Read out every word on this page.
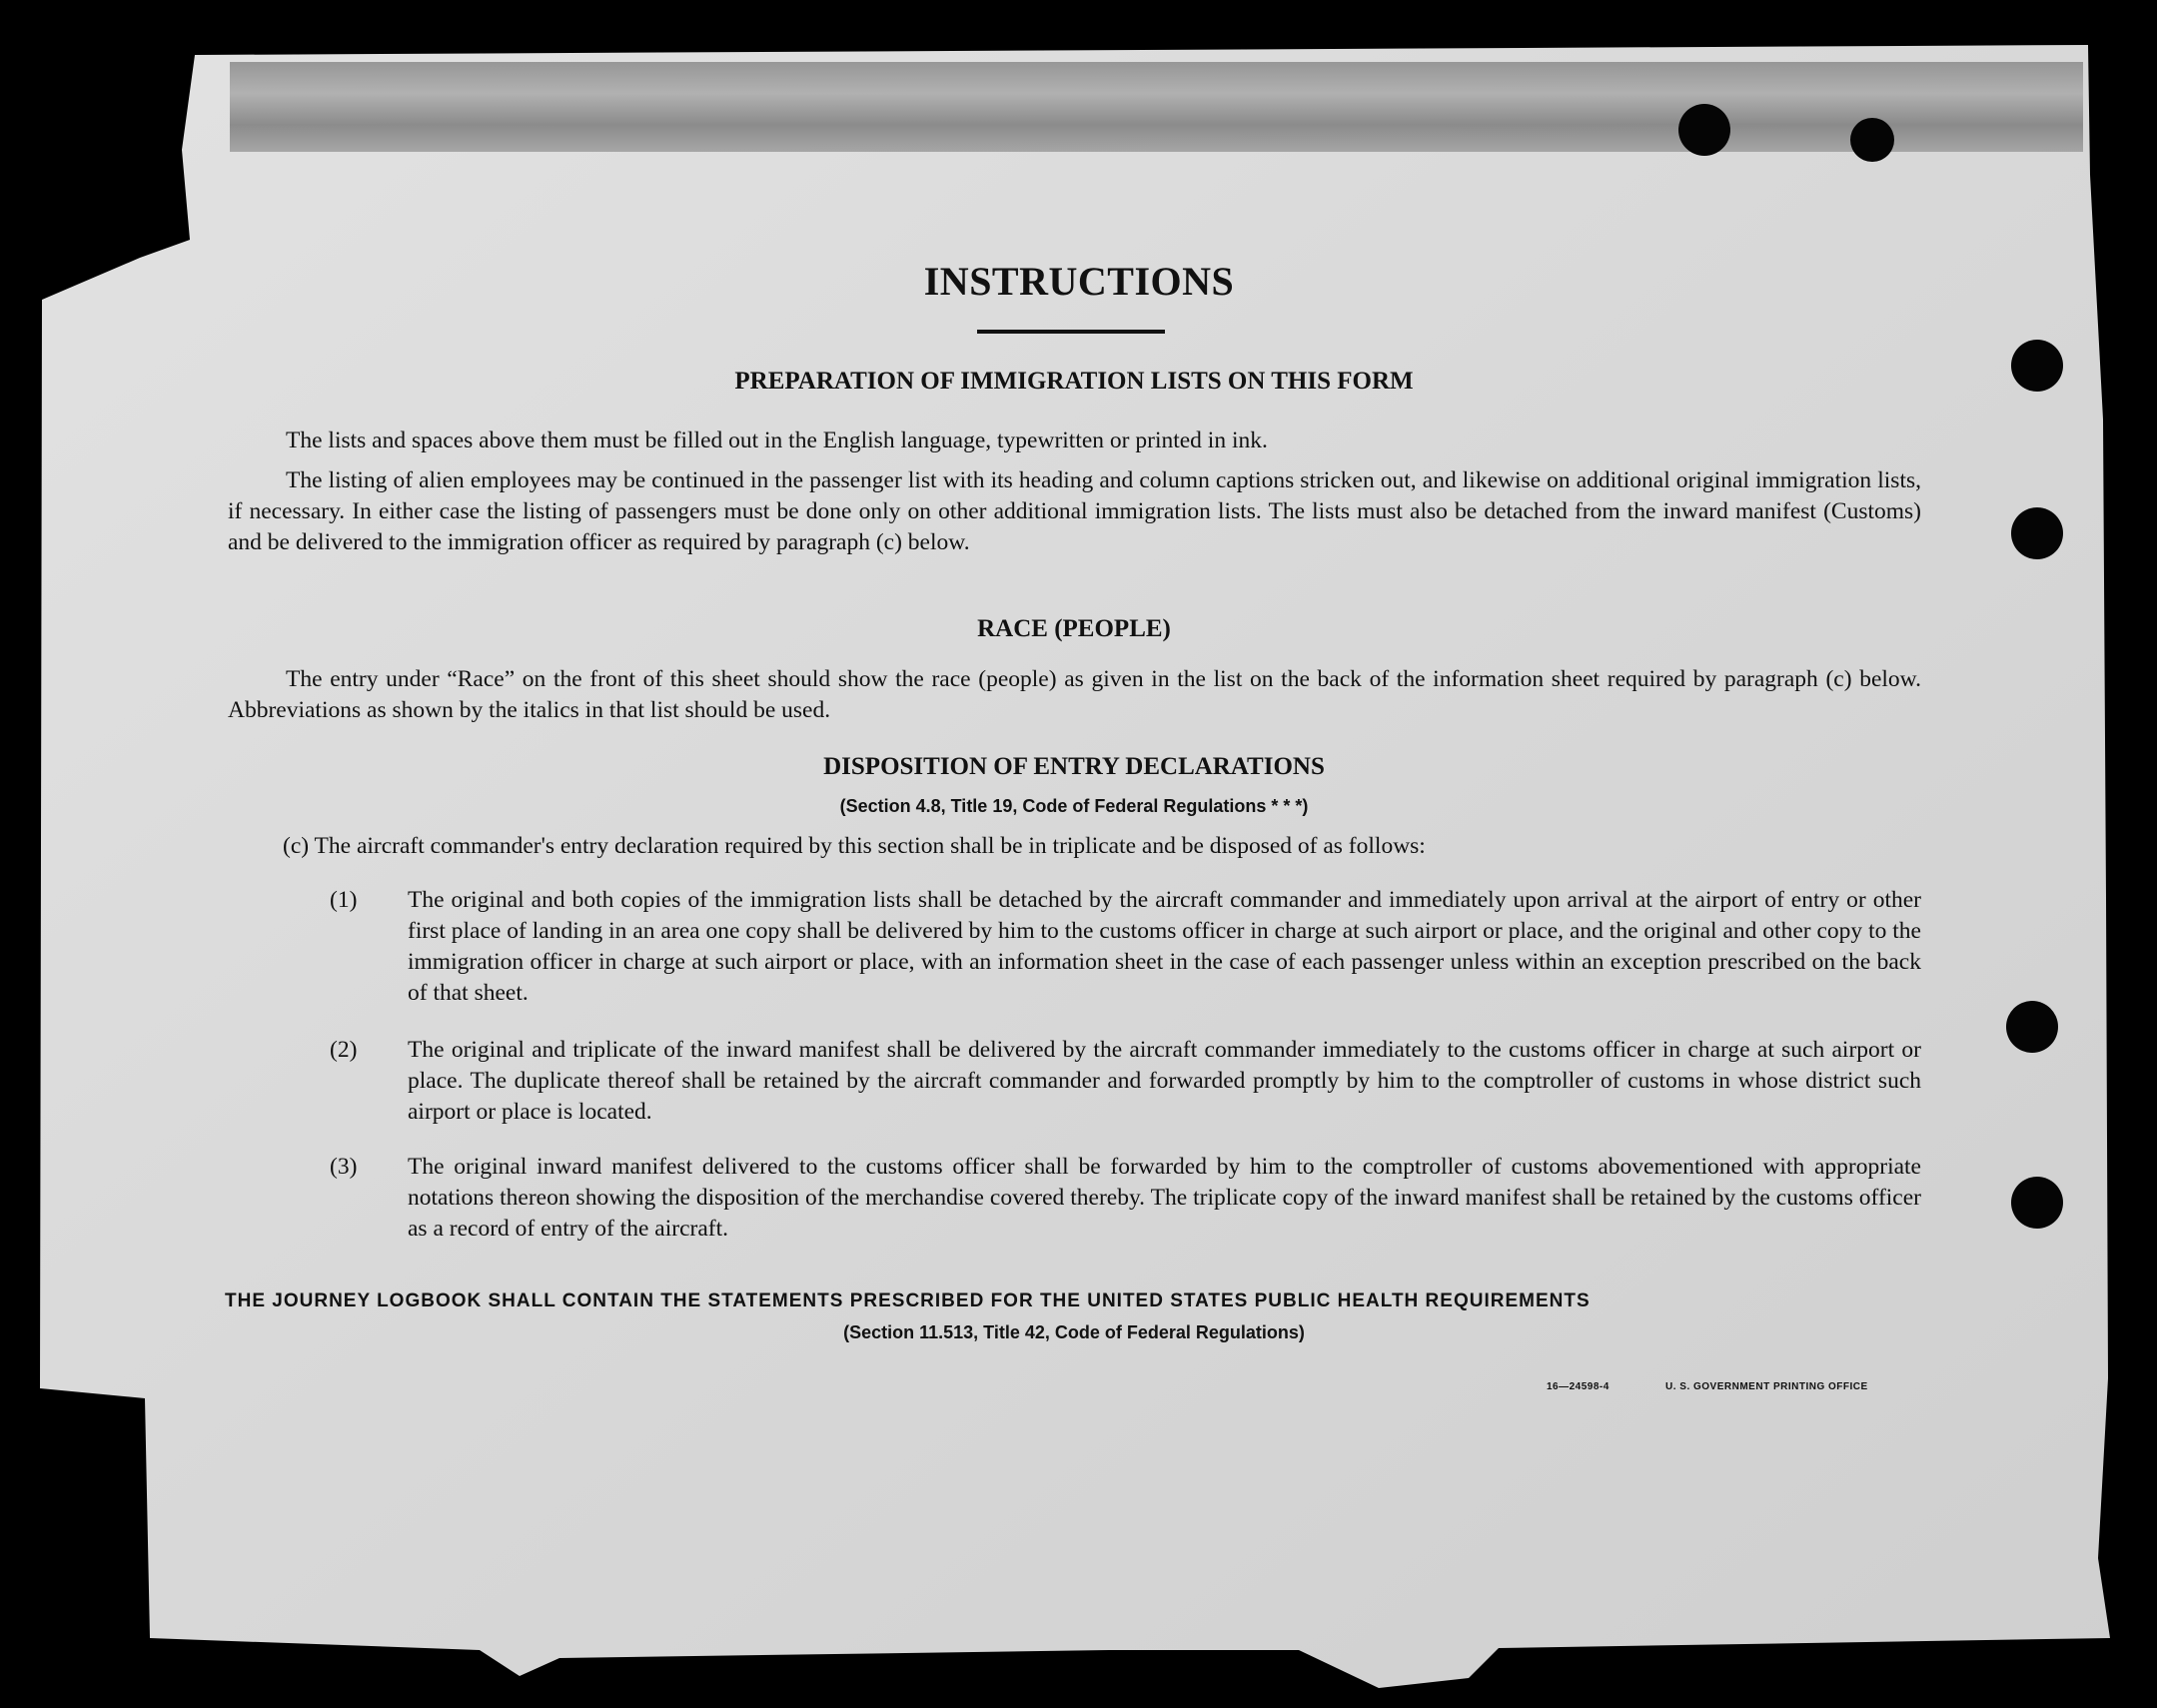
INSTRUCTIONS
PREPARATION OF IMMIGRATION LISTS ON THIS FORM
The lists and spaces above them must be filled out in the English language, typewritten or printed in ink.
The listing of alien employees may be continued in the passenger list with its heading and column captions stricken out, and likewise on additional original immigration lists, if necessary. In either case the listing of passengers must be done only on other additional immigration lists. The lists must also be detached from the inward manifest (Customs) and be delivered to the immigration officer as required by paragraph (c) below.
RACE (PEOPLE)
The entry under “Race” on the front of this sheet should show the race (people) as given in the list on the back of the information sheet required by paragraph (c) below. Abbreviations as shown by the italics in that list should be used.
DISPOSITION OF ENTRY DECLARATIONS
(Section 4.8, Title 19, Code of Federal Regulations * * *)
(c) The aircraft commander's entry declaration required by this section shall be in triplicate and be disposed of as follows:
(1) The original and both copies of the immigration lists shall be detached by the aircraft commander and immediately upon arrival at the airport of entry or other first place of landing in an area one copy shall be delivered by him to the customs officer in charge at such airport or place, and the original and other copy to the immigration officer in charge at such airport or place, with an information sheet in the case of each passenger unless within an exception prescribed on the back of that sheet.
(2) The original and triplicate of the inward manifest shall be delivered by the aircraft commander immediately to the customs officer in charge at such airport or place. The duplicate thereof shall be retained by the aircraft commander and forwarded promptly by him to the comptroller of customs in whose district such airport or place is located.
(3) The original inward manifest delivered to the customs officer shall be forwarded by him to the comptroller of customs abovementioned with appropriate notations thereon showing the disposition of the merchandise covered thereby. The triplicate copy of the inward manifest shall be retained by the customs officer as a record of entry of the aircraft.
THE JOURNEY LOGBOOK SHALL CONTAIN THE STATEMENTS PRESCRIBED FOR THE UNITED STATES PUBLIC HEALTH REQUIREMENTS
(Section 11.513, Title 42, Code of Federal Regulations)
16—24598-4	U. S. GOVERNMENT PRINTING OFFICE
